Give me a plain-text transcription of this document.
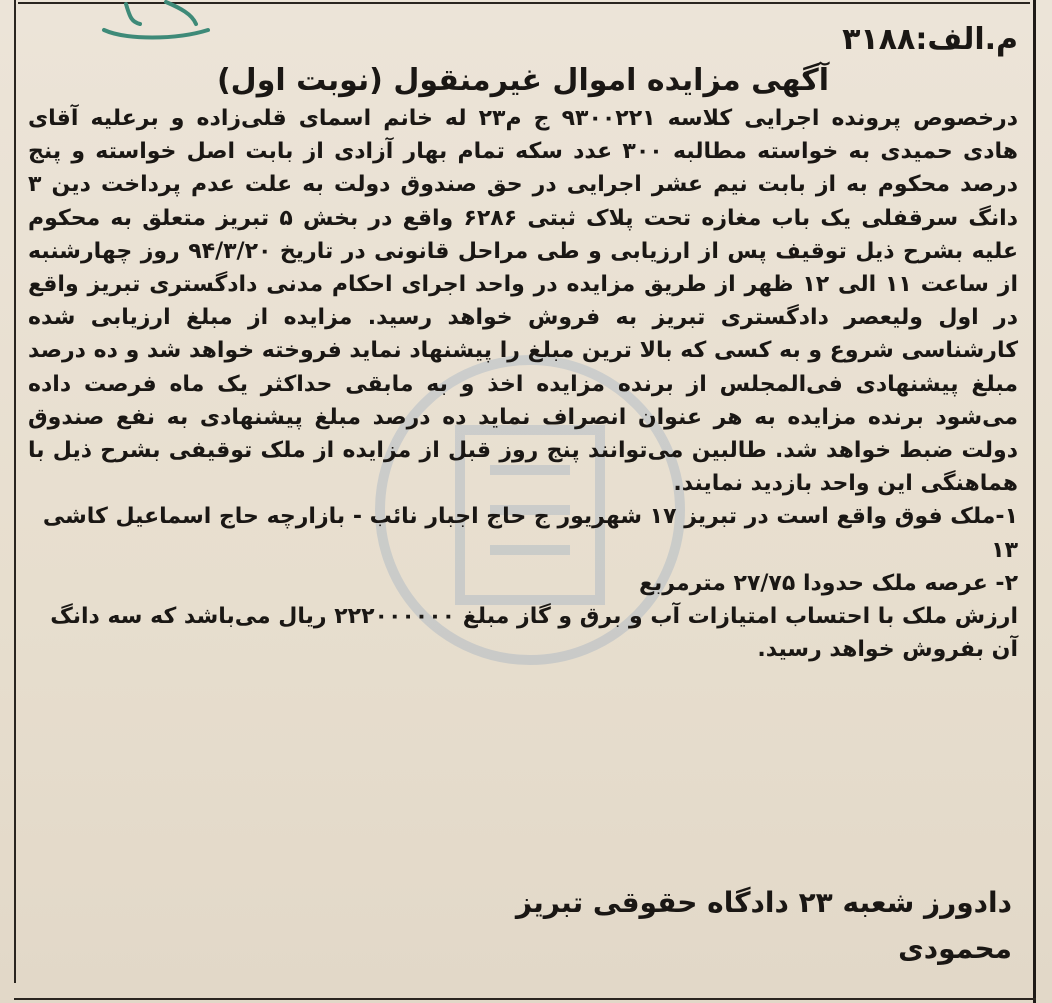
م.الف:۳۱۸۸

آگهی مزایده اموال غیرمنقول (نوبت اول)

درخصوص پرونده اجرایی کلاسه ۹۳۰۰۲۲۱ ج م۲۳ له خانم اسمای قلی‌زاده و برعلیه آقای هادی حمیدی به خواسته مطالبه ۳۰۰ عدد سکه تمام بهار آزادی از بابت اصل خواسته و پنج درصد محکوم به از بابت نیم عشر اجرایی در حق صندوق دولت به علت عدم پرداخت دین ۳ دانگ سرقفلی یک باب مغازه تحت پلاک ثبتی ۶۲۸۶ واقع در بخش ۵ تبریز متعلق به محکوم علیه بشرح ذیل توقیف پس از ارزیابی و طی مراحل قانونی در تاریخ ۹۴/۳/۲۰ روز چهارشنبه از ساعت ۱۱ الی ۱۲ ظهر از طریق مزایده در واحد اجرای احکام مدنی دادگستری تبریز واقع در اول ولیعصر دادگستری تبریز به فروش خواهد رسید. مزایده از مبلغ ارزیابی شده کارشناسی شروع و به کسی که بالا ترین مبلغ را پیشنهاد نماید فروخته خواهد شد و ده درصد مبلغ پیشنهادی فی‌المجلس از برنده مزایده اخذ و به مابقی حداکثر یک ماه فرصت داده می‌شود برنده مزایده به هر عنوان انصراف نماید ده درصد مبلغ پیشنهادی به نفع صندوق دولت ضبط خواهد شد. طالبین می‌توانند پنج روز قبل از مزایده از ملک توقیفی بشرح ذیل با هماهنگی این واحد بازدید نمایند.

۱-ملک فوق واقع است در تبریز ۱۷ شهریور ج حاج اجبار نائب - بازارچه حاج اسماعیل کاشی ۱۳

۲- عرصه ملک حدودا ۲۷/۷۵ مترمربع

ارزش ملک با احتساب امتیازات آب و برق و گاز مبلغ ۲۲۲۰۰۰۰۰۰ ریال می‌باشد که سه دانگ آن بفروش خواهد رسید.

دادورز شعبه ۲۳ دادگاه حقوقی تبریز

محمودی
